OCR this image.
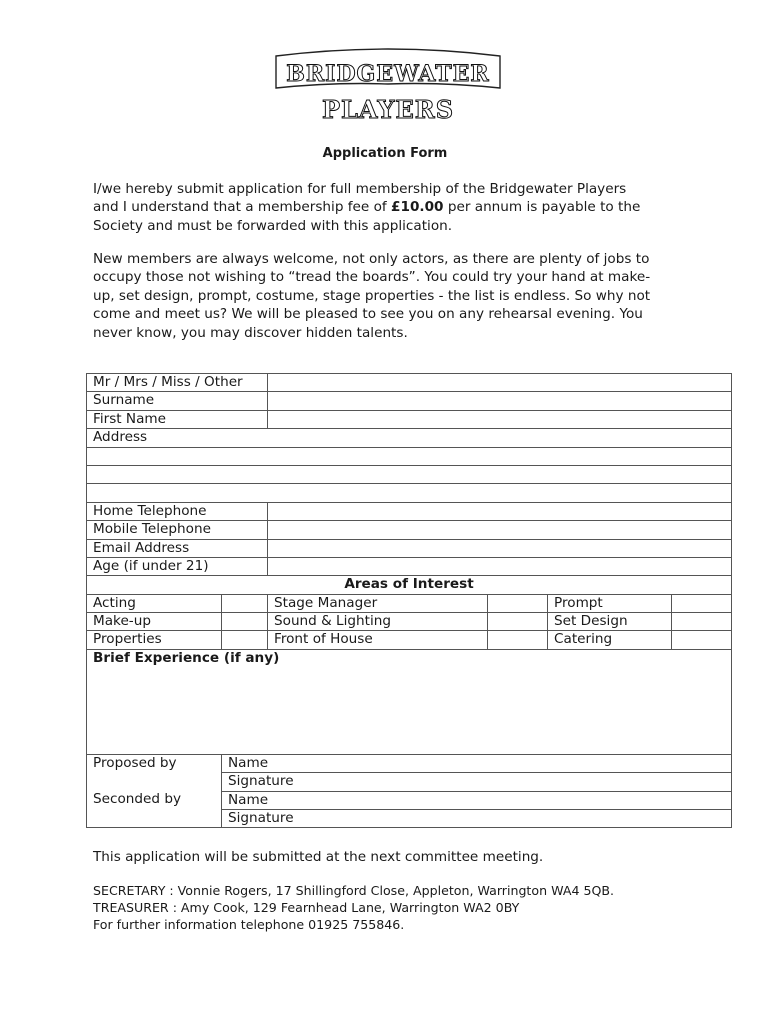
BRIDGEWATER
PLAYERS
Application Form

I/we hereby submit application for full membership of the Bridgewater Players and I understand that a membership fee of £10.00 per annum is payable to the Society and must be forwarded with this application.

New members are always welcome, not only actors, as there are plenty of jobs to occupy those not wishing to “tread the boards”. You could try your hand at make-up, set design, prompt, costume, stage properties - the list is endless. So why not come and meet us? We will be pleased to see you on any rehearsal evening. You never know, you may discover hidden talents.

Mr / Mrs / Miss / Other					
Surname					
First Name					
Address					

Home Telephone					
Mobile Telephone					
Email Address					
Age (if under 21)					
Areas of Interest					
Acting		Stage Manager		Prompt	
Make-up		Sound & Lighting		Set Design	
Properties		Front of House		Catering	
Brief Experience (if any)					
Proposed by	Name				
	Signature				
Seconded by	Name				
	Signature				
This application will be submitted at the next committee meeting.
SECRETARY : Vonnie Rogers, 17 Shillingford Close, Appleton, Warrington WA4 5QB.
TREASURER : Amy Cook, 129 Fearnhead Lane, Warrington WA2 0BY
For further information telephone 01925 755846.
